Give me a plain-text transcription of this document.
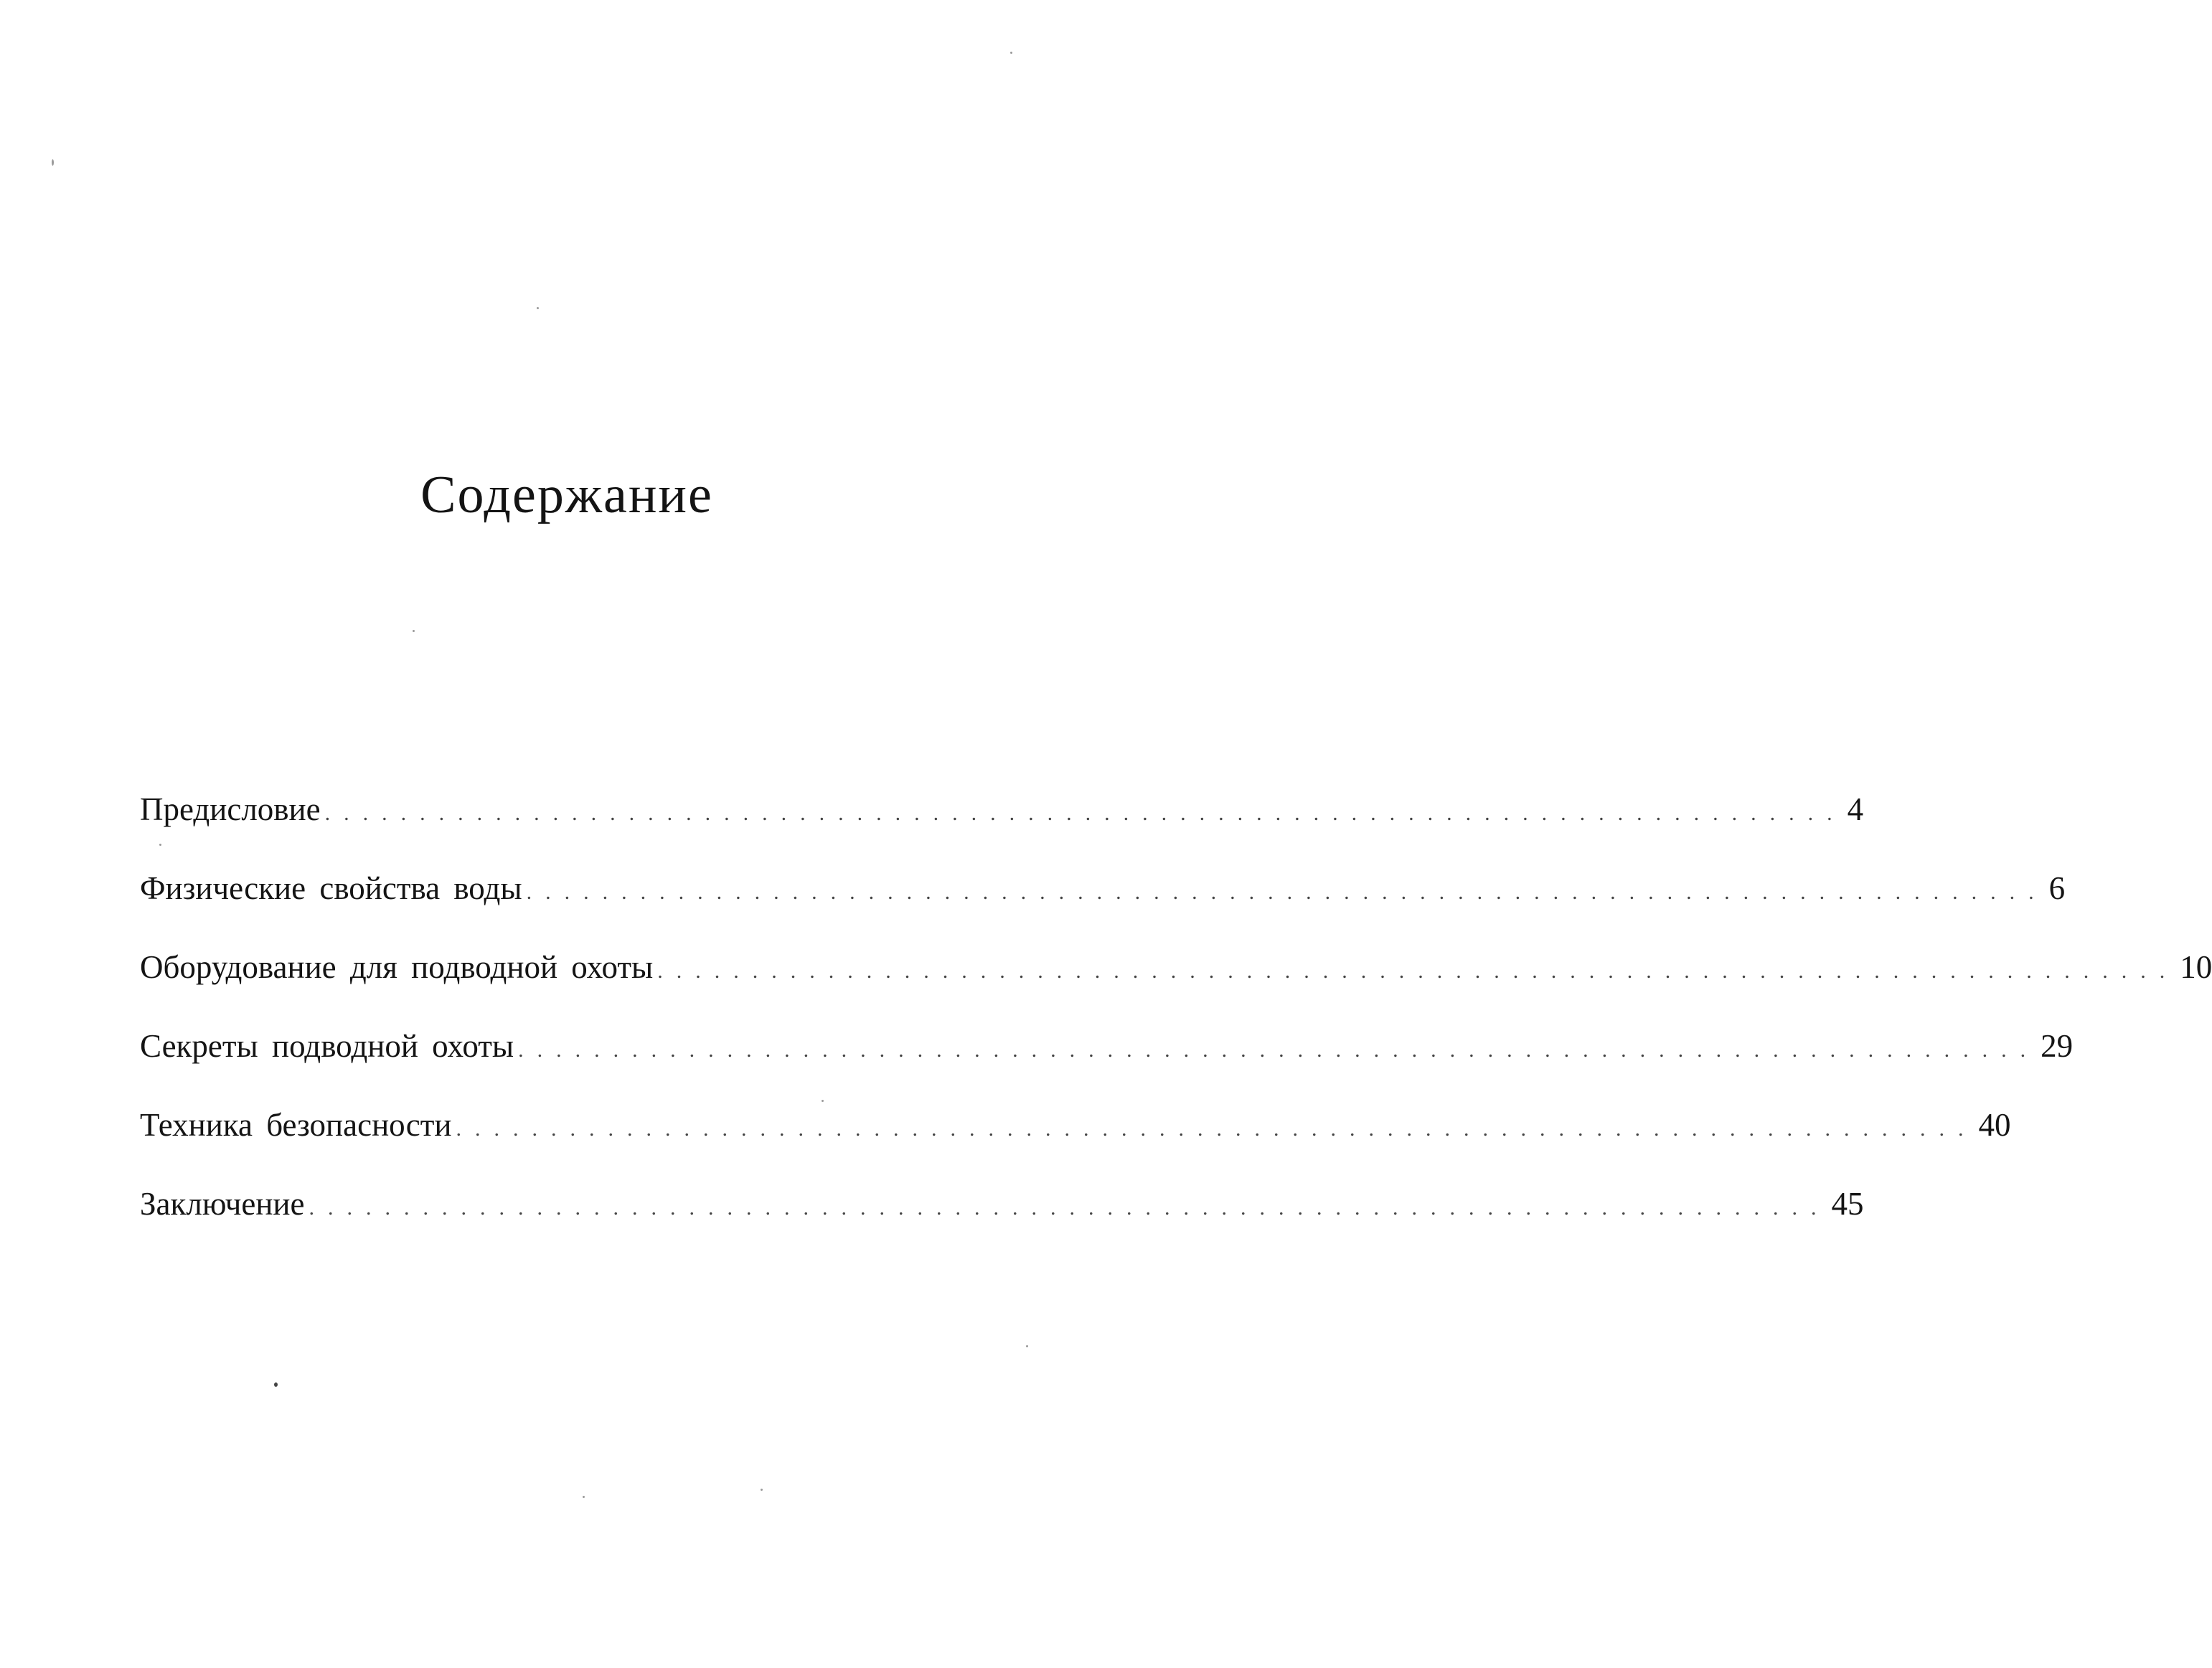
Содержание
Предисловие ................................................................................ 4
Физические свойства воды ................................................................................ 6
Оборудование для подводной охоты ................................................................................ 10
Секреты подводной охоты ................................................................................ 29
Техника безопасности ................................................................................ 40
Заключение ................................................................................ 45
